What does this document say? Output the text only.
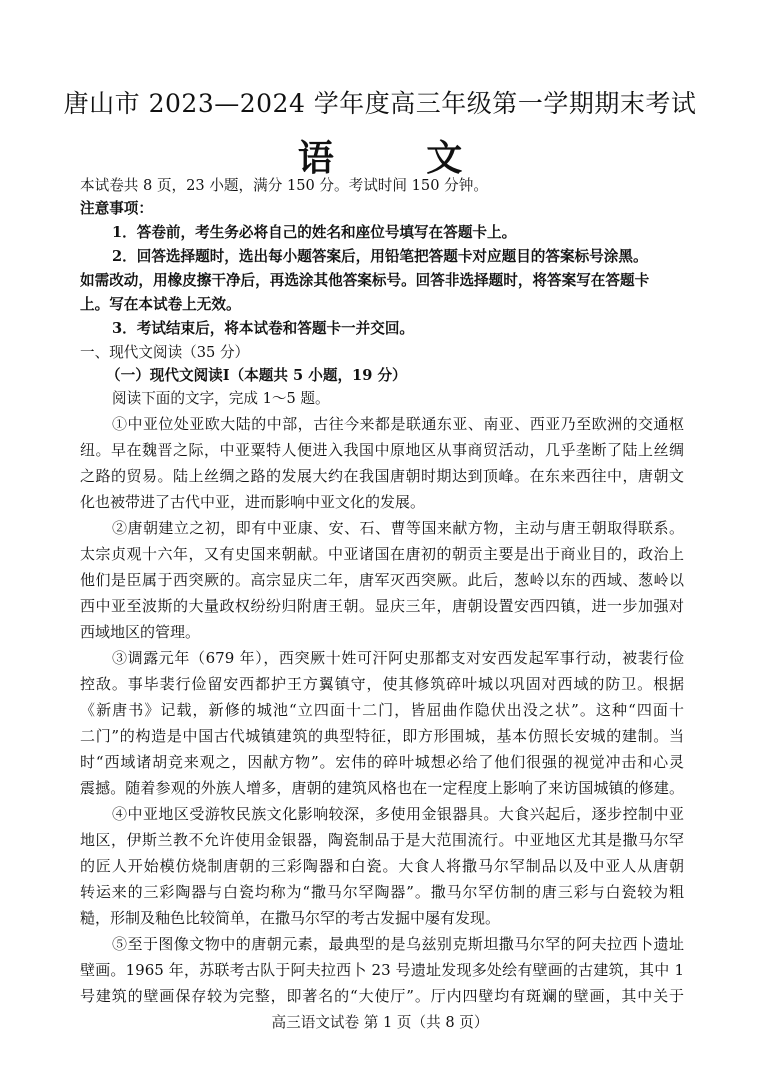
唐山市 2023—2024 学年度高三年级第一学期期末考试
语 文
本试卷共 8 页，23 小题，满分 150 分。考试时间 150 分钟。
注意事项：
1．答卷前，考生务必将自己的姓名和座位号填写在答题卡上。
2．回答选择题时，选出每小题答案后，用铅笔把答题卡对应题目的答案标号涂黑。
如需改动，用橡皮擦干净后，再选涂其他答案标号。回答非选择题时，将答案写在答题卡
上。写在本试卷上无效。
3．考试结束后，将本试卷和答题卡一并交回。
一、现代文阅读（35 分）
（一）现代文阅读Ⅰ（本题共 5 小题，19 分）
阅读下面的文字，完成 1～5 题。
①中亚位处亚欧大陆的中部，古往今来都是联通东亚、南亚、西亚乃至欧洲的交通枢
纽。早在魏晋之际，中亚粟特人便进入我国中原地区从事商贸活动，几乎垄断了陆上丝绸
之路的贸易。陆上丝绸之路的发展大约在我国唐朝时期达到顶峰。在东来西往中，唐朝文
化也被带进了古代中亚，进而影响中亚文化的发展。
②唐朝建立之初，即有中亚康、安、石、曹等国来献方物，主动与唐王朝取得联系。
太宗贞观十六年，又有史国来朝献。中亚诸国在唐初的朝贡主要是出于商业目的，政治上
他们是臣属于西突厥的。高宗显庆二年，唐军灭西突厥。此后，葱岭以东的西域、葱岭以
西中亚至波斯的大量政权纷纷归附唐王朝。显庆三年，唐朝设置安西四镇，进一步加强对
西域地区的管理。
③调露元年（679 年），西突厥十姓可汗阿史那都支对安西发起军事行动，被裴行俭
控敌。事毕裴行俭留安西都护王方翼镇守，使其修筑碎叶城以巩固对西域的防卫。根据
《新唐书》记载，新修的城池“立四面十二门，皆屈曲作隐伏出没之状”。这种“四面十
二门”的构造是中国古代城镇建筑的典型特征，即方形围城，基本仿照长安城的建制。当
时“西域诸胡竞来观之，因献方物”。宏伟的碎叶城想必给了他们很强的视觉冲击和心灵
震撼。随着参观的外族人增多，唐朝的建筑风格也在一定程度上影响了来访国城镇的修建。
④中亚地区受游牧民族文化影响较深，多使用金银器具。大食兴起后，逐步控制中亚
地区，伊斯兰教不允许使用金银器，陶瓷制品于是大范围流行。中亚地区尤其是撒马尔罕
的匠人开始模仿烧制唐朝的三彩陶器和白瓷。大食人将撒马尔罕制品以及中亚人从唐朝
转运来的三彩陶器与白瓷均称为“撒马尔罕陶器”。撒马尔罕仿制的唐三彩与白瓷较为粗
糙，形制及釉色比较简单，在撒马尔罕的考古发掘中屡有发现。
⑤至于图像文物中的唐朝元素，最典型的是乌兹别克斯坦撒马尔罕的阿夫拉西卜遗址
壁画。1965 年，苏联考古队于阿夫拉西卜 23 号遗址发现多处绘有壁画的古建筑，其中 1
号建筑的壁画保存较为完整，即著名的“大使厅”。厅内四壁均有斑斓的壁画，其中关于
高三语文试卷 第 1 页（共 8 页）
